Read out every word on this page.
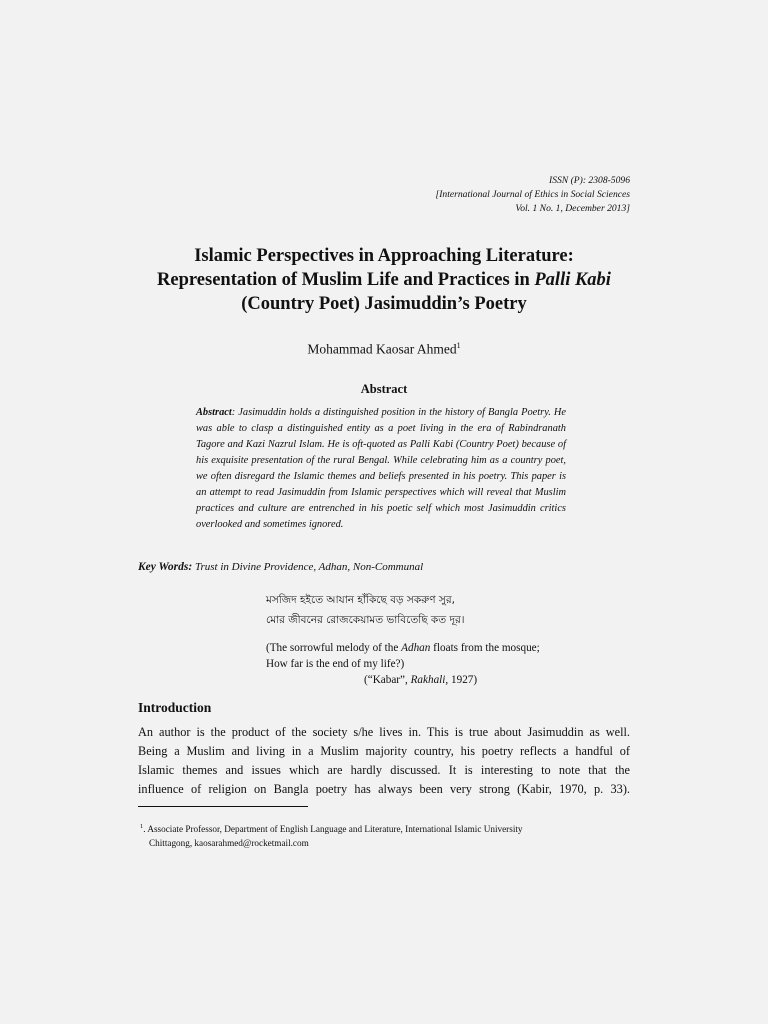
ISSN (P): 2308-5096
[International Journal of Ethics in Social Sciences
Vol. 1 No. 1, December 2013]
Islamic Perspectives in Approaching Literature:
Representation of Muslim Life and Practices in Palli Kabi
(Country Poet) Jasimuddin’s Poetry
Mohammad Kaosar Ahmed$^1$
Abstract
Abstract: Jasimuddin holds a distinguished position in the history of Bangla Poetry. He was able to clasp a distinguished entity as a poet living in the era of Rabindranath Tagore and Kazi Nazrul Islam. He is oft-quoted as Palli Kabi (Country Poet) because of his exquisite presentation of the rural Bengal. While celebrating him as a country poet, we often disregard the Islamic themes and beliefs presented in his poetry. This paper is an attempt to read Jasimuddin from Islamic perspectives which will reveal that Muslim practices and culture are entrenched in his poetic self which most Jasimuddin critics overlooked and sometimes ignored.
Key Words: Trust in Divine Providence, Adhan, Non-Communal
মসজিদ হইতে আযান হাঁকিছে বড় সকরুণ সুর,
মোর জীবনের রোজকেয়ামত ভাবিতেছি কত দূর।
(The sorrowful melody of the Adhan floats from the mosque;
How far is the end of my life?)
(“Kabar”, Rakhali, 1927)
Introduction
An author is the product of the society s/he lives in. This is true about Jasimuddin as well.
Being a Muslim and living in a Muslim majority country, his poetry reflects a handful of
Islamic themes and issues which are hardly discussed. It is interesting to note that the
influence of religion on Bangla poetry has always been very strong (Kabir, 1970, p. 33).
$^1$. Associate Professor, Department of English Language and Literature, International Islamic University
Chittagong, kaosarahmed@rocketmail.com
